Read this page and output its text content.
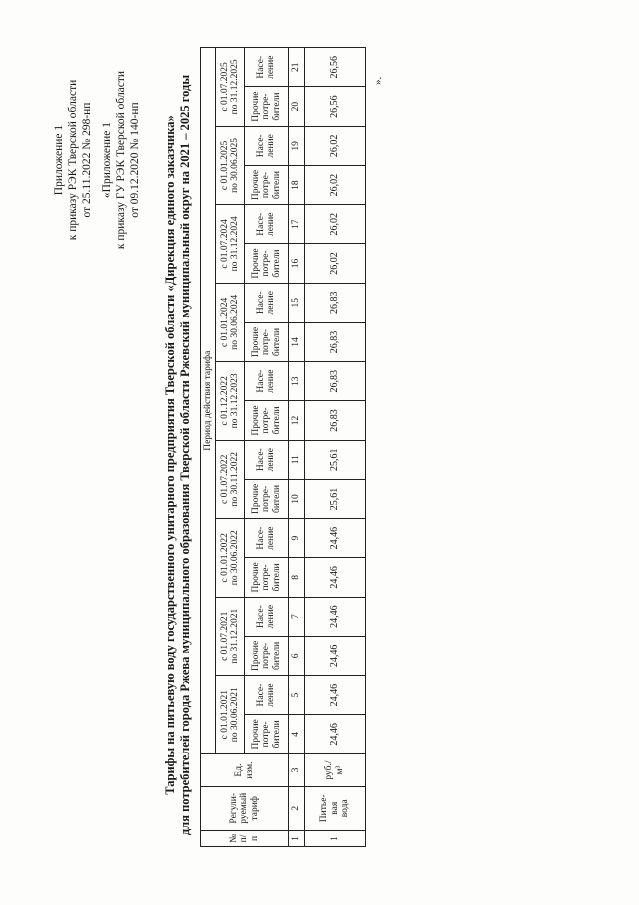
Приложение 1 к приказу РЭК Тверской области от 25.11.2022 № 298-нп «Приложение 1 к приказу ГУ РЭК Тверской области от 09.12.2020 № 140-нп Тарифы на питьевую воду государственного унитарного предприятия Тверской области «Дирекция единого заказчика» для потребителей города Ржева муниципального образования Тверской области Ржевский муниципальный округ на 2021 – 2025 годы
№ п/ п	Регули- руемый тариф	Ед. изм.	Период действия тарифа																	

			с 01.01.2021 по 30.06.2021		с 01.07.2021 по 31.12.2021		с 01.01.2022 по 30.06.2022		с 01.07.2022 по 30.11.2022		с 01.12.2022 по 31.12.2023		с 01.01.2024 по 30.06.2024		с 01.07.2024 по 31.12.2024		с 01.01.2025 по 30.06.2025		с 01.07.2025 по 31.12.2025	

			Прочие потре- бители	Насе- ление	Прочие потре- бители	Насе- ление	Прочие потре- бители	Насе- ление	Прочие потре- бители	Насе- ление	Прочие потре- бители	Насе- ление	Прочие потре- бители	Насе- ление	Прочие потре- бители	Насе- ление	Прочие потре- бители	Насе- ление	Прочие потре- бители	Насе- ление

1	2	3	4	5	6	7	8	9	10	11	12	13	14	15	16	17	18	19	20	21
1	Питье- вая вода	руб./ м³	24,46	24,46	24,46	24,46	24,46	24,46	25,61	25,61	26,83	26,83	26,83	26,83	26,02	26,02	26,02	26,02	26,56	26,56
».
